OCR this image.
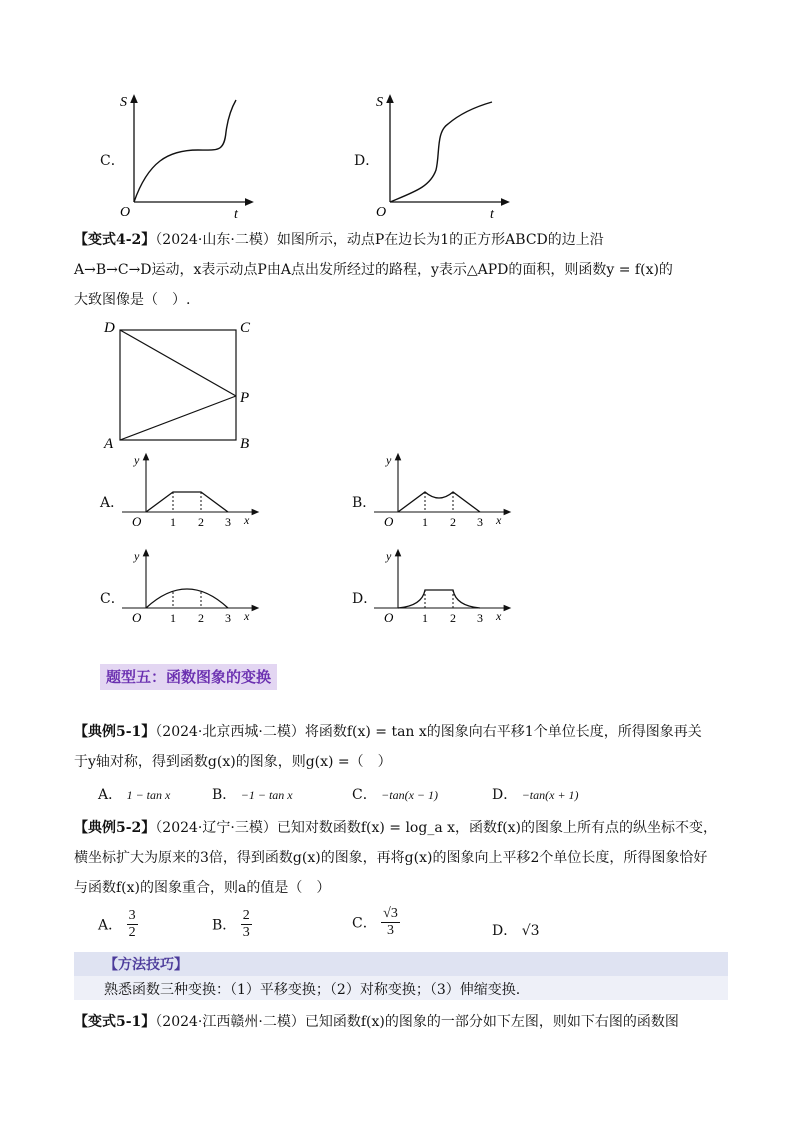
C．
S
O	t
D．
S
O	t
【变式4-2】（2024·山东·二模）如图所示，动点P在边长为1的正方形ABCD的边上沿
A→B→C→D运动，x表示动点P由A点出发所经过的路程，y表示△APD的面积，则函数y = f(x)的
大致图像是（　）.
D	C
A	B
P
A．
y
O 1 2 3 x
B．
y
O 1 2 3 x
C．
y
O 1 2 3 x
D．
y
O 1 2 3 x
题型五：函数图象的变换
【典例5-1】（2024·北京西城·二模）将函数f(x) = tan x的图象向右平移1个单位长度，所得图象再关
于y轴对称，得到函数g(x)的图象，则g(x) =（　）
A． 1 − tan x	B． −1 − tan x	C． −tan(x − 1)	D． −tan(x + 1)
【典例5-2】（2024·辽宁·三模）已知对数函数f(x) = log_a x，函数f(x)的图象上所有点的纵坐标不变，
横坐标扩大为原来的3倍，得到函数g(x)的图象，再将g(x)的图象向上平移2个单位长度，所得图象恰好
与函数f(x)的图象重合，则a的值是（　）
A． $\frac{3}{2}$	B． $\frac{2}{3}$	C． $\frac{√3}{3}$	D． √3
【方法技巧】
熟悉函数三种变换：（1）平移变换；（2）对称变换；（3）伸缩变换.
【变式5-1】（2024·江西赣州·二模）已知函数f(x)的图象的一部分如下左图，则如下右图的函数图
